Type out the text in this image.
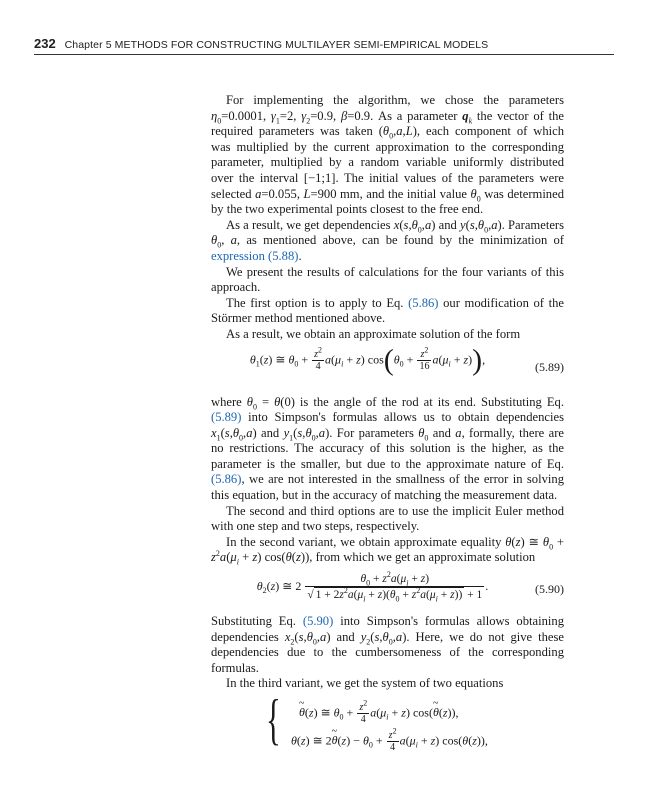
232 Chapter 5 METHODS FOR CONSTRUCTING MULTILAYER SEMI-EMPIRICAL MODELS

For implementing the algorithm, we chose the parameters $\eta_0=0.0001$, $\gamma_1=2$, $\gamma_2=0.9$, β=0.9. As a parameter $q_k$ the vector of the required parameters was taken $(\theta_0,a,L)$, each component of which was multiplied by the current approximation to the corresponding parameter, multiplied by a random variable uniformly distributed over the interval [−1;1]. The initial values of the parameters were selected a=0.055, L=900 mm, and the initial value $\theta_0$ was determined by the two experimental points closest to the free end.

As a result, we get dependencies $x(s,\theta_0,a)$ and $y(s,\theta_0,a)$. Parameters $\theta_0$, a, as mentioned above, can be found by the minimization of expression (5.88).

We present the results of calculations for the four variants of this approach.

The first option is to apply to Eq. (5.86) our modification of the Störmer method mentioned above.

As a result, we obtain an approximate solution of the form

$\theta_1(z)$ ≅ $\theta_0 + \frac{z^2}{4} a(\mu_i + z) \cos(\theta_0 + \frac{z^2}{16} a(\mu_i + z))$,
(5.89)

where $\theta_0 = \theta(0)$ is the angle of the rod at its end. Substituting Eq. (5.89) into Simpson's formulas allows us to obtain dependencies $x_1(s,\theta_0,a)$ and $y_1(s,\theta_0,a)$. For parameters $\theta_0$ and a, formally, there are no restrictions. The accuracy of this solution is the higher, as the parameter is the smaller, but due to the approximate nature of Eq. (5.86), we are not interested in the smallness of the error in solving this equation, but in the accuracy of matching the measurement data.

The second and third options are to use the implicit Euler method with one step and two steps, respectively.

In the second variant, we obtain approximate equality θ(z) ≅ $\theta_0 + z^2a(\mu_i + z)$ cos(θ(z)), from which we get an approximate solution

$\theta_2(z)$ ≅ $2 \frac{\theta_0 + z^2a(\mu_i + z)}{√ 1 + 2z^2a(\mu_i + z)(\theta_0 + z^2a(\mu_i + z)) + 1}$ .	(5.90)

Substituting Eq. (5.90) into Simpson's formulas allows obtaining dependencies $x_2(s,\theta_0,a)$ and $y_2(s,\theta_0,a)$. Here, we do not give these dependencies due to the cumbersomeness of the corresponding formulas.

In the third variant, we get the system of two equations

{	θ ~(z) ≅ $\theta_0 + \frac{z^2}{4} a(\mu_i + z)$ cos(θ ~(z)),
θ(z) ≅ 2θ ~(z) − $\theta_0 + \frac{z^2}{4} a(\mu_i + z)$ cos(θ(z)),
